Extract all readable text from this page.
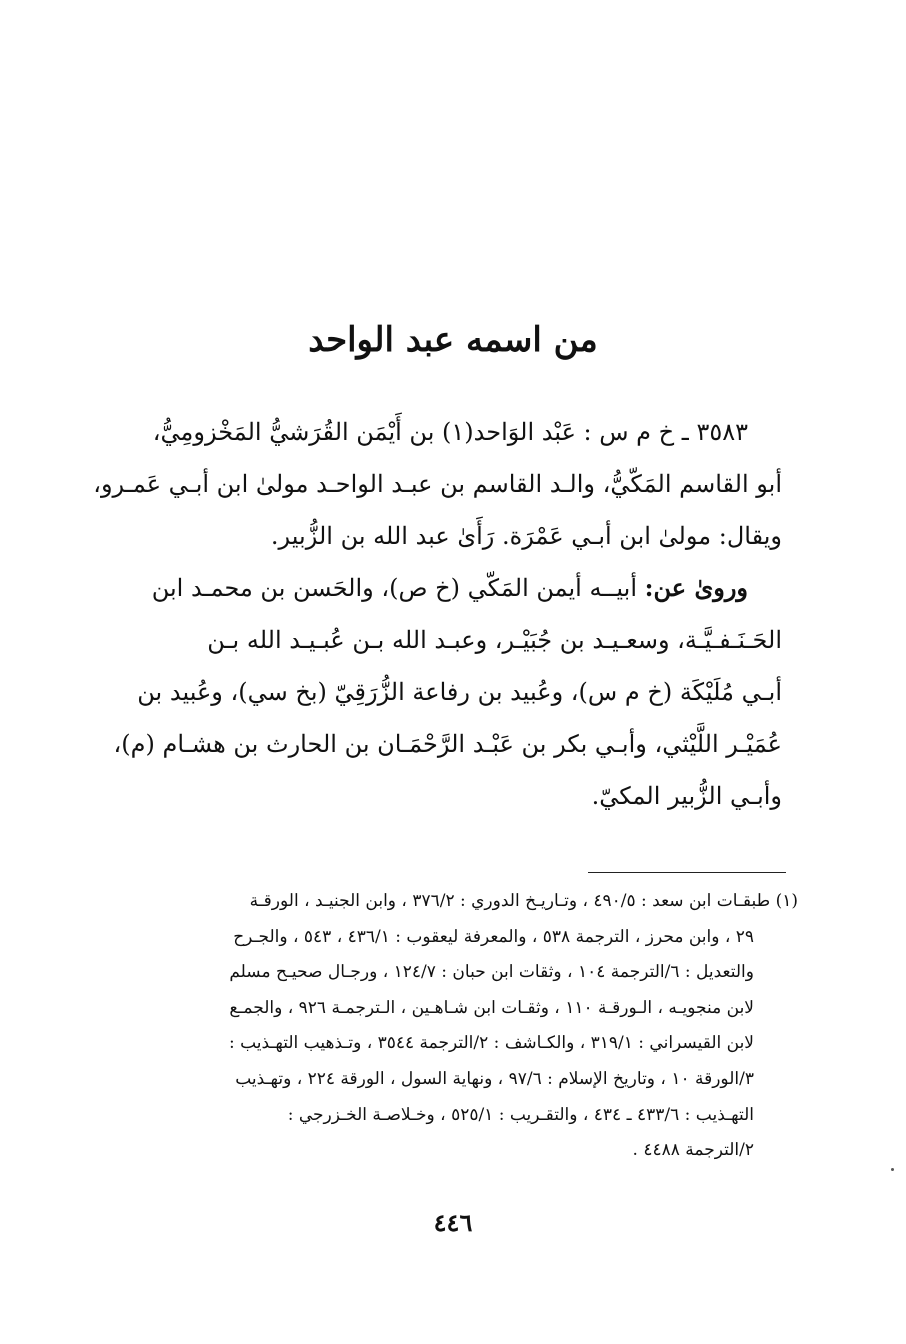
من اسمه عبد الواحد
٣٥٨٣ ـ خ م س : عَبْد الوَاحد(١) بن أَيْمَن القُرَشيُّ المَخْزومِيُّ،
أبو القاسم المَكّيُّ، والـد القاسم بن عبـد الواحـد مولىٰ ابن أبـي عَمـرو،
ويقال: مولىٰ ابن أبـي عَمْرَة. رَأَىٰ عبد الله بن الزُّبير.
وروىٰ عن: أبيــه أيمن المَكّي (خ ص)، والحَسن بن محمـد ابن
الحَـنَـفـيَّـة، وسعـيـد بن جُبَيْـر، وعبـد الله بـن عُبـيـد الله بـن
أبـي مُلَيْكَة (خ م س)، وعُبيد بن رفاعة الزُّرَقِيّ (بخ سي)، وعُبيد بن
عُمَيْـر اللَّيْثي، وأبـي بكر بن عَبْـد الرَّحْمَـان بن الحارث بن هشـام (م)،
وأبـي الزُّبير المكيّ.
(١) طبقـات ابن سعد : ٤٩٠/٥ ، وتـاريـخ الدوري : ٣٧٦/٢ ، وابن الجنيـد ، الورقـة
٢٩ ، وابن محرز ، الترجمة ٥٣٨ ، والمعرفة ليعقوب : ٤٣٦/١ ، ٥٤٣ ، والجـرح
والتعديل : ٦/الترجمة ١٠٤ ، وثقات ابن حبان : ١٢٤/٧ ، ورجـال صحيـح مسلم
لابن منجويـه ، الـورقـة ١١٠ ، وثقـات ابن شـاهـين ، الـترجمـة ٩٢٦ ، والجمـع
لابن القيسراني : ٣١٩/١ ، والكـاشف : ٢/الترجمة ٣٥٤٤ ، وتـذهيب التهـذيب :
٣/الورقة ١٠ ، وتاريخ الإسلام : ٩٧/٦ ، ونهاية السول ، الورقة ٢٢٤ ، وتهـذيب
التهـذيب : ٤٣٣/٦ ـ ٤٣٤ ، والتقـريب : ٥٢٥/١ ، وخـلاصـة الخـزرجي :
٢/الترجمة ٤٤٨٨ .
٤٤٦
